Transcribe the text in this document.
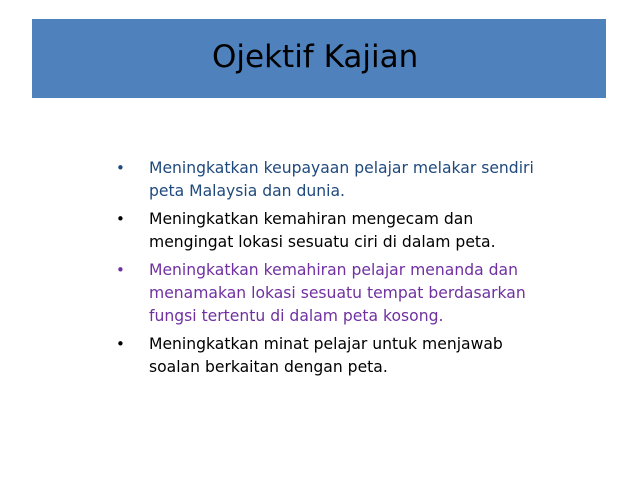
Ojektif Kajian
• Meningkatkan keupayaan pelajar melakar sendiri
peta Malaysia dan dunia.
• Meningkatkan kemahiran mengecam dan
mengingat lokasi sesuatu ciri di dalam peta.
• Meningkatkan kemahiran pelajar menanda dan
menamakan lokasi sesuatu tempat berdasarkan
fungsi tertentu di dalam peta kosong.
• Meningkatkan minat pelajar untuk menjawab
soalan berkaitan dengan peta.
